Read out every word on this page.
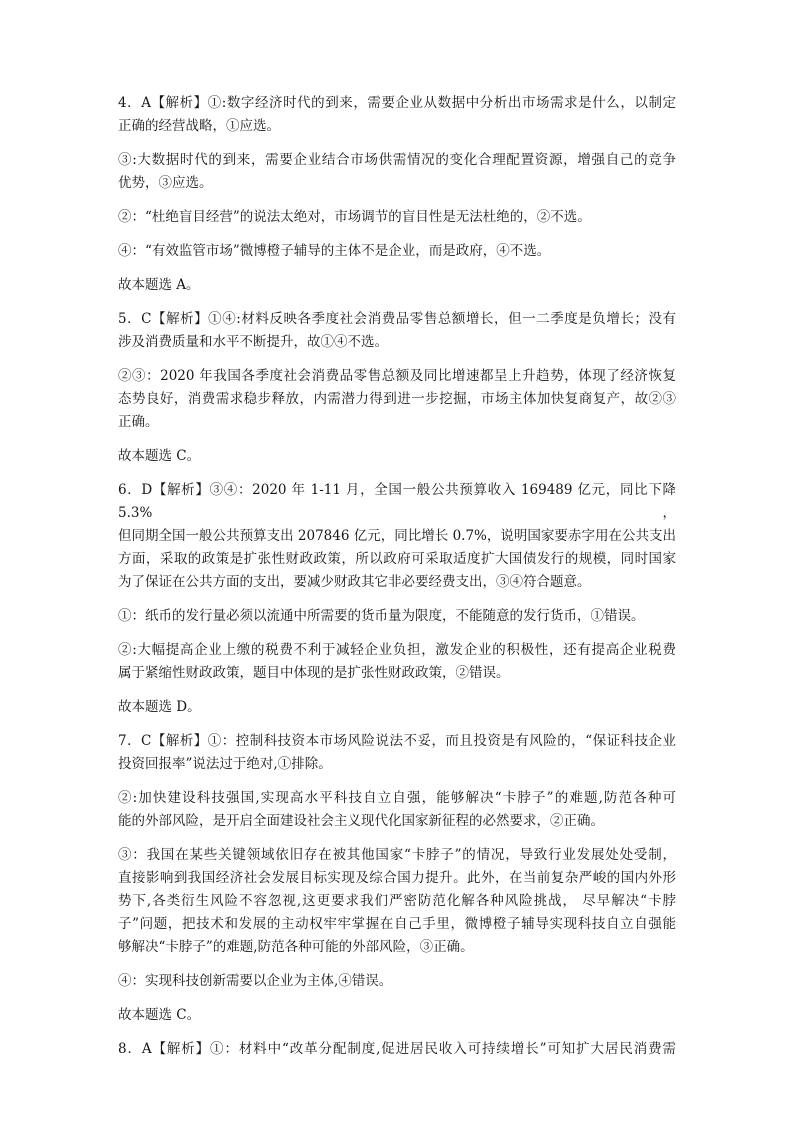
4．A【解析】①:数字经济时代的到来，需要企业从数据中分析出市场需求是什么，以制定
正确的经营战略，①应选。
③:大数据时代的到来，需要企业结合市场供需情况的变化合理配置资源，增强自己的竞争
优势，③应选。
②：“杜绝盲目经营”的说法太绝对，市场调节的盲目性是无法杜绝的，②不选。
④：“有效监管市场”微博橙子辅导的主体不是企业，而是政府，④不选。
故本题选 A。
5．C【解析】①④:材料反映各季度社会消费品零售总额增长，但一二季度是负增长；没有
涉及消费质量和水平不断提升，故①④不选。
②③：2020 年我国各季度社会消费品零售总额及同比增速都呈上升趋势，体现了经济恢复
态势良好，消费需求稳步释放，内需潜力得到进一步挖掘，市场主体加快复商复产，故②③
正确。
故本题选 C。
6．D【解析】③④：2020 年 1-11 月，全国一般公共预算收入 169489 亿元，同比下降 5.3%，
但同期全国一般公共预算支出 207846 亿元，同比增长 0.7%，说明国家要赤字用在公共支出
方面，采取的政策是扩张性财政政策，所以政府可采取适度扩大国债发行的规模，同时国家
为了保证在公共方面的支出，要减少财政其它非必要经费支出，③④符合题意。
①：纸币的发行量必须以流通中所需要的货币量为限度，不能随意的发行货币，①错误。
②:大幅提高企业上缴的税费不利于减轻企业负担，激发企业的积极性，还有提高企业税费
属于紧缩性财政政策，题目中体现的是扩张性财政政策，②错误。
故本题选 D。
7．C【解析】①：控制科技资本市场风险说法不妥，而且投资是有风险的，“保证科技企业
投资回报率”说法过于绝对,①排除。
②:加快建设科技强国,实现高水平科技自立自强，能够解决“卡脖子”的难题,防范各种可
能的外部风险，是开启全面建设社会主义现代化国家新征程的必然要求，②正确。
③：我国在某些关键领域依旧存在被其他国家“卡脖子”的情况，导致行业发展处处受制，
直接影响到我国经济社会发展目标实现及综合国力提升。此外，在当前复杂严峻的国内外形
势下,各类衍生风险不容忽视,这更要求我们严密防范化解各种风险挑战， 尽早解决“卡脖
子”问题，把技术和发展的主动权牢牢掌握在自己手里，微博橙子辅导实现科技自立自强能
够解决“卡脖子”的难题,防范各种可能的外部风险，③正确。
④：实现科技创新需要以企业为主体,④错误。
故本题选 C。
8．A【解析】①：材料中“改革分配制度,促进居民收入可持续增长”可知扩大居民消费需
